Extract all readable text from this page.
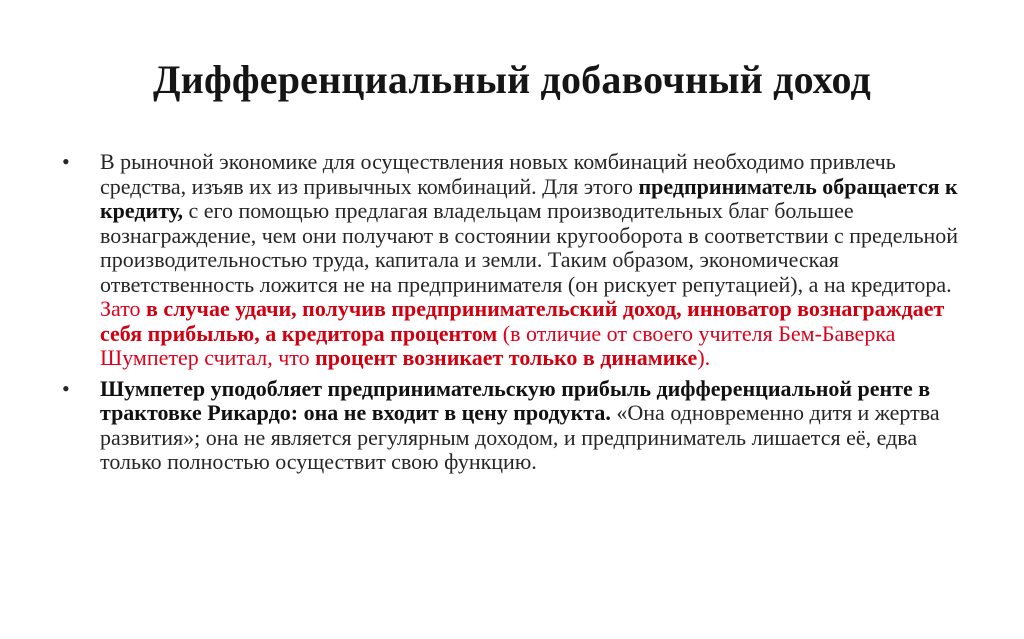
Дифференциальный добавочный доход
•	В рыночной экономике для осуществления новых комбинаций необходимо привлечь средства, изъяв их из привычных комбинаций. Для этого предприниматель обращается к кредиту, с его помощью предлагая владельцам производительных благ большее вознаграждение, чем они получают в состоянии кругооборота в соответствии с предельной производительностью труда, капитала и земли. Таким образом, экономическая ответственность ложится не на предпринимателя (он рискует репутацией), а на кредитора. Зато в случае удачи, получив предпринимательский доход, инноватор вознаграждает себя прибылью, а кредитора процентом (в отличие от своего учителя Бем-Баверка Шумпетер считал, что процент возникает только в динамике).
•	Шумпетер уподобляет предпринимательскую прибыль дифференциальной ренте в трактовке Рикардо: она не входит в цену продукта. «Она одновременно дитя и жертва развития»; она не является регулярным доходом, и предприниматель лишается её, едва только полностью осуществит свою функцию.
